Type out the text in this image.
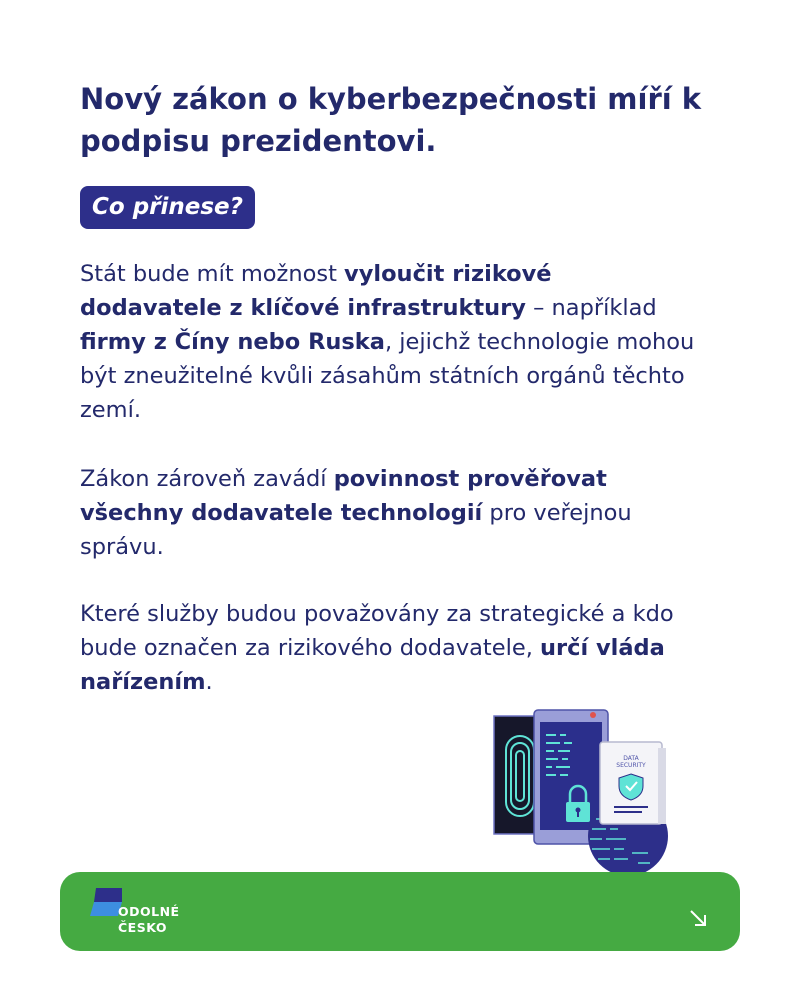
Nový zákon o kyberbezpečnosti míří k podpisu prezidentovi.
Co přinese?

Stát bude mít možnost vyloučit rizikové dodavatele z klíčové infrastruktury – například firmy z Číny nebo Ruska, jejichž technologie mohou být zneužitelné kvůli zásahům státních orgánů těchto zemí.

Zákon zároveň zavádí povinnost prověřovat všechny dodavatele technologií pro veřejnou správu.

Které služby budou považovány za strategické a kdo bude označen za rizikového dodavatele, určí vláda nařízením.

DATA
SECURITY
ODOLNÉ
ČESKO
